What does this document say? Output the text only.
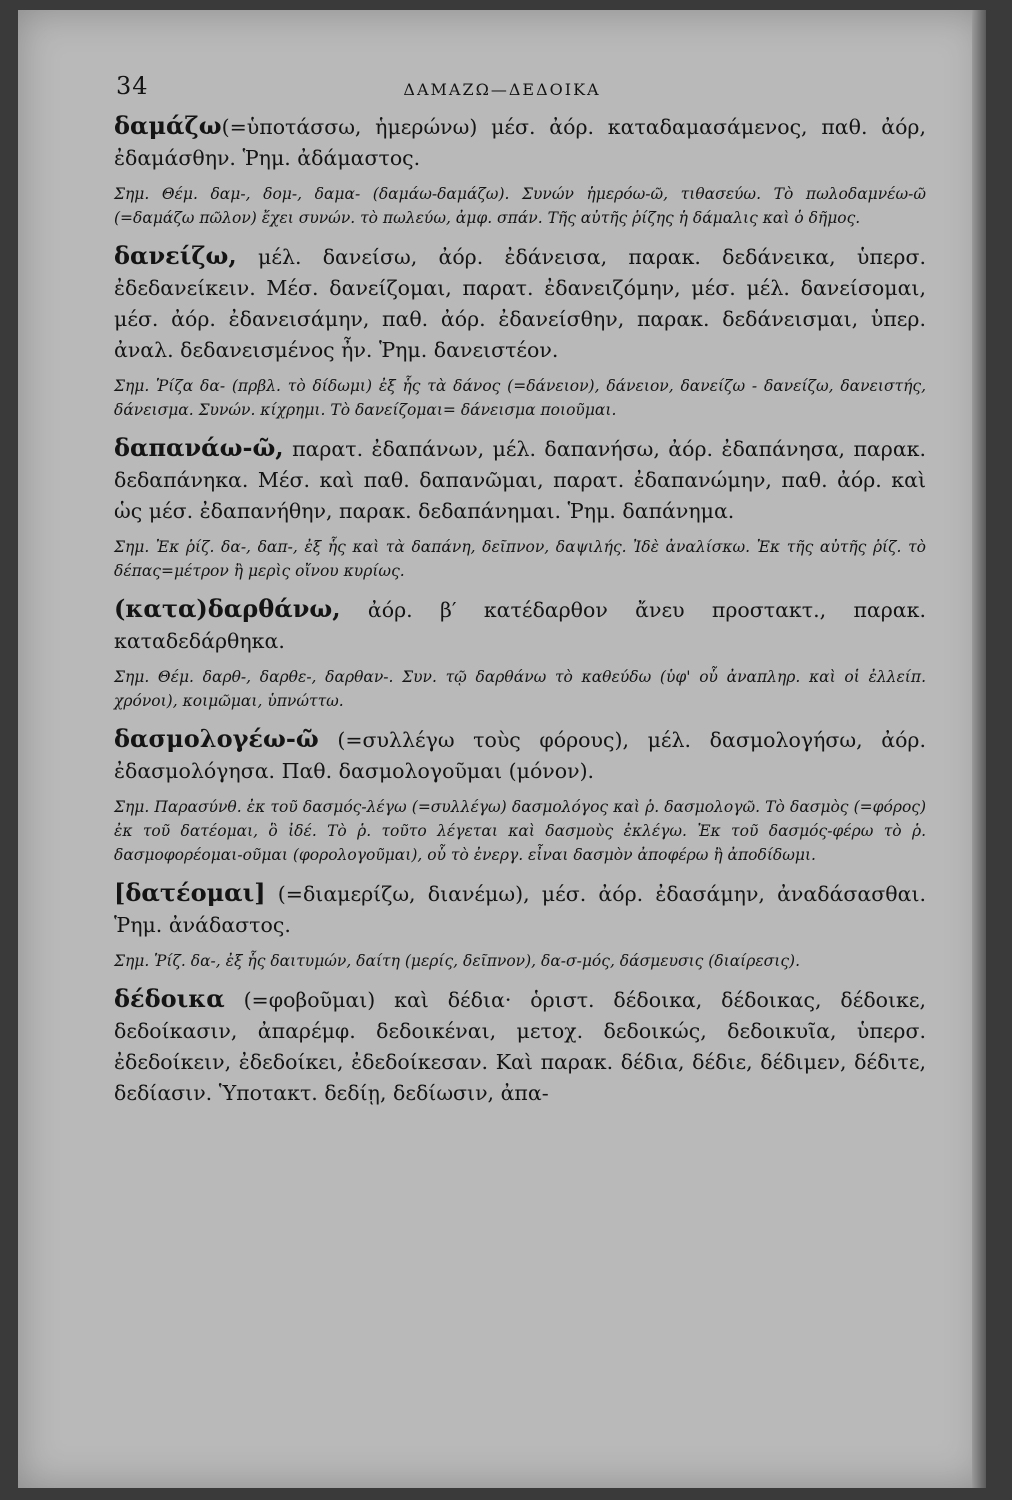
34	ΔΑΜΑΖΩ—ΔΕΔΟΙΚΑ

δαμάζω(=ὑποτάσσω, ἡμερώνω) μέσ. ἀόρ. καταδαμασάμενος, παθ. ἀόρ, ἐδαμάσθην. Ῥημ. ἀδάμαστος.

Σημ. Θέμ. δαμ-, δομ-, δαμα- (δαμάω-δαμάζω). Συνών ἡμερόω-ῶ, τιθασεύω. Τὸ πωλοδαμνέω-ῶ (=δαμάζω πῶλον) ἔχει συνών. τὸ πωλεύω, ἀμφ. σπάν. Τῆς αὐτῆς ῥίζης ἡ δάμαλις καὶ ὁ δῆμος.

δανείζω, μέλ. δανείσω, ἀόρ. ἐδάνεισα, παρακ. δεδάνεικα, ὑπερσ. ἐδεδανείκειν. Μέσ. δανείζομαι, παρατ. ἐδανειζόμην, μέσ. μέλ. δανείσομαι, μέσ. ἀόρ. ἐδανεισάμην, παθ. ἀόρ. ἐδανείσθην, παρακ. δεδάνεισμαι, ὑπερ. ἀναλ. δεδανεισμένος ἦν. Ῥημ. δανειστέον.

Σημ. Ῥίζα δα- (πρβλ. τὸ δίδωμι) ἐξ ἧς τὰ δάνος (=δάνειον), δάνειον, δανείζω - δανείζω, δανειστής, δάνεισμα. Συνών. κίχρημι. Τὸ δανείζομαι= δάνεισμα ποιοῦμαι.

δαπανάω-ῶ, παρατ. ἐδαπάνων, μέλ. δαπανήσω, ἀόρ. ἐδαπάνησα, παρακ. δεδαπάνηκα. Μέσ. καὶ παθ. δαπανῶμαι, παρατ. ἐδαπανώμην, παθ. ἀόρ. καὶ ὡς μέσ. ἐδαπανήθην, παρακ. δεδαπάνημαι. Ῥημ. δαπάνημα.

Σημ. Ἐκ ῥίζ. δα-, δαπ-, ἐξ ἧς καὶ τὰ δαπάνη, δεῖπνον, δαψιλής. Ἰδὲ ἀναλίσκω. Ἐκ τῆς αὐτῆς ῥίζ. τὸ δέπας=μέτρον ἢ μερὶς οἴνου κυρίως.

(κατα)δαρθάνω, ἀόρ. β′ κατέδαρθον ἄνευ προστακτ., παρακ. καταδεδάρθηκα.

Σημ. Θέμ. δαρθ-, δαρθε-, δαρθαν-. Συν. τῷ δαρθάνω τὸ καθεύδω (ὑφ' οὗ ἀναπληρ. καὶ οἱ ἐλλείπ. χρόνοι), κοιμῶμαι, ὑπνώττω.

δασμολογέω-ῶ (=συλλέγω τοὺς φόρους), μέλ. δασμολογήσω, ἀόρ. ἐδασμολόγησα. Παθ. δασμολογοῦμαι (μόνον).

Σημ. Παρασύνθ. ἐκ τοῦ δασμός-λέγω (=συλλέγω) δασμολόγος καὶ ῥ. δασμολογῶ. Τὸ δασμὸς (=φόρος) ἐκ τοῦ δατέομαι, ὃ ἰδέ. Τὸ ῥ. τοῦτο λέγεται καὶ δασμοὺς ἐκλέγω. Ἐκ τοῦ δασμός-φέρω τὸ ῥ. δασμοφορέομαι-οῦμαι (φορολογοῦμαι), οὗ τὸ ἐνεργ. εἶναι δασμὸν ἀποφέρω ἢ ἀποδίδωμι.

[δατέομαι] (=διαμερίζω, διανέμω), μέσ. ἀόρ. ἐδασάμην, ἀναδάσασθαι. Ῥημ. ἀνάδαστος.

Σημ. Ῥίζ. δα-, ἐξ ἧς δαιτυμών, δαίτη (μερίς, δεῖπνον), δα-σ-μός, δάσμευσις (διαίρεσις).

δέδοικα (=φοβοῦμαι) καὶ δέδια· ὁριστ. δέδοικα, δέδοικας, δέδοικε, δεδοίκασιν, ἀπαρέμφ. δεδοικέναι, μετοχ. δεδοικώς, δεδοικυῖα, ὑπερσ. ἐδεδοίκειν, ἐδεδοίκει, ἐδεδοίκεσαν. Καὶ παρακ. δέδια, δέδιε, δέδιμεν, δέδιτε, δεδίασιν. Ὑποτακτ. δεδίῃ, δεδίωσιν, ἀπα-
